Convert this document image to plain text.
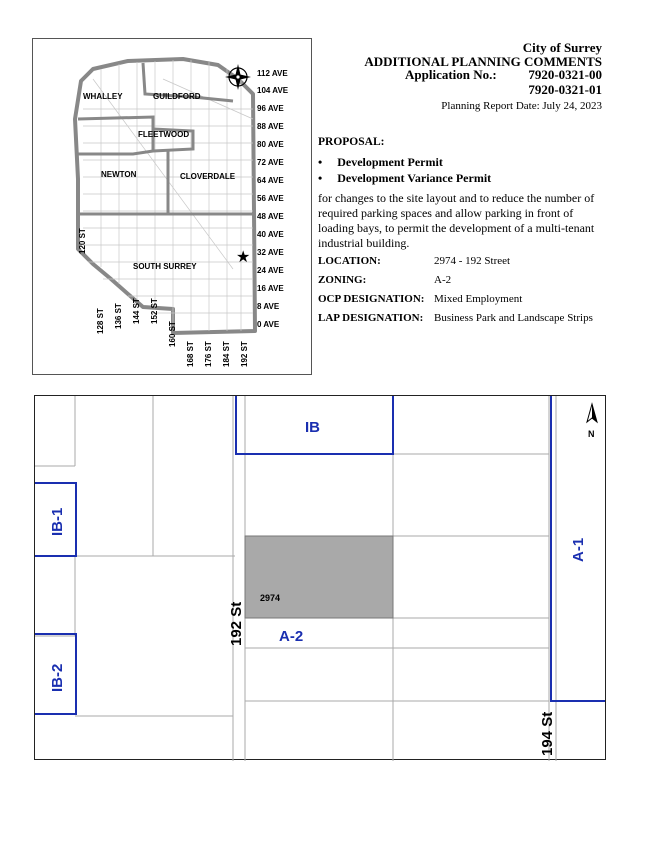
WHALLEY	GUILDFORD
FLEETWOOD
NEWTON	CLOVERDALE
SOUTH SURREY
112 AVE
104 AVE
96 AVE
88 AVE
80 AVE
72 AVE
64 AVE
56 AVE
48 AVE
40 AVE
32 AVE
24 AVE
16 AVE
8 AVE
0 AVE
120 ST
128 ST 136 ST 144 ST 152 ST
160 ST
168 ST 176 ST 184 ST 192 ST
★
City of Surrey
ADDITIONAL PLANNING COMMENTS
Application No.: 7920-0321-00
7920-0321-01
Planning Report Date: July 24, 2023
PROPOSAL:
• Development Permit
• Development Variance Permit
for changes to the site layout and to reduce the number of required parking spaces and allow parking in front of loading bays, to permit the development of a multi-tenant industrial building.
LOCATION:	2974 - 192 Street
ZONING:	A-2
OCP DESIGNATION: Mixed Employment
LAP DESIGNATION: Business Park and Landscape Strips
2974
IB
IB-1
IB-2
A-1
A-2
192 St
194 St
N
